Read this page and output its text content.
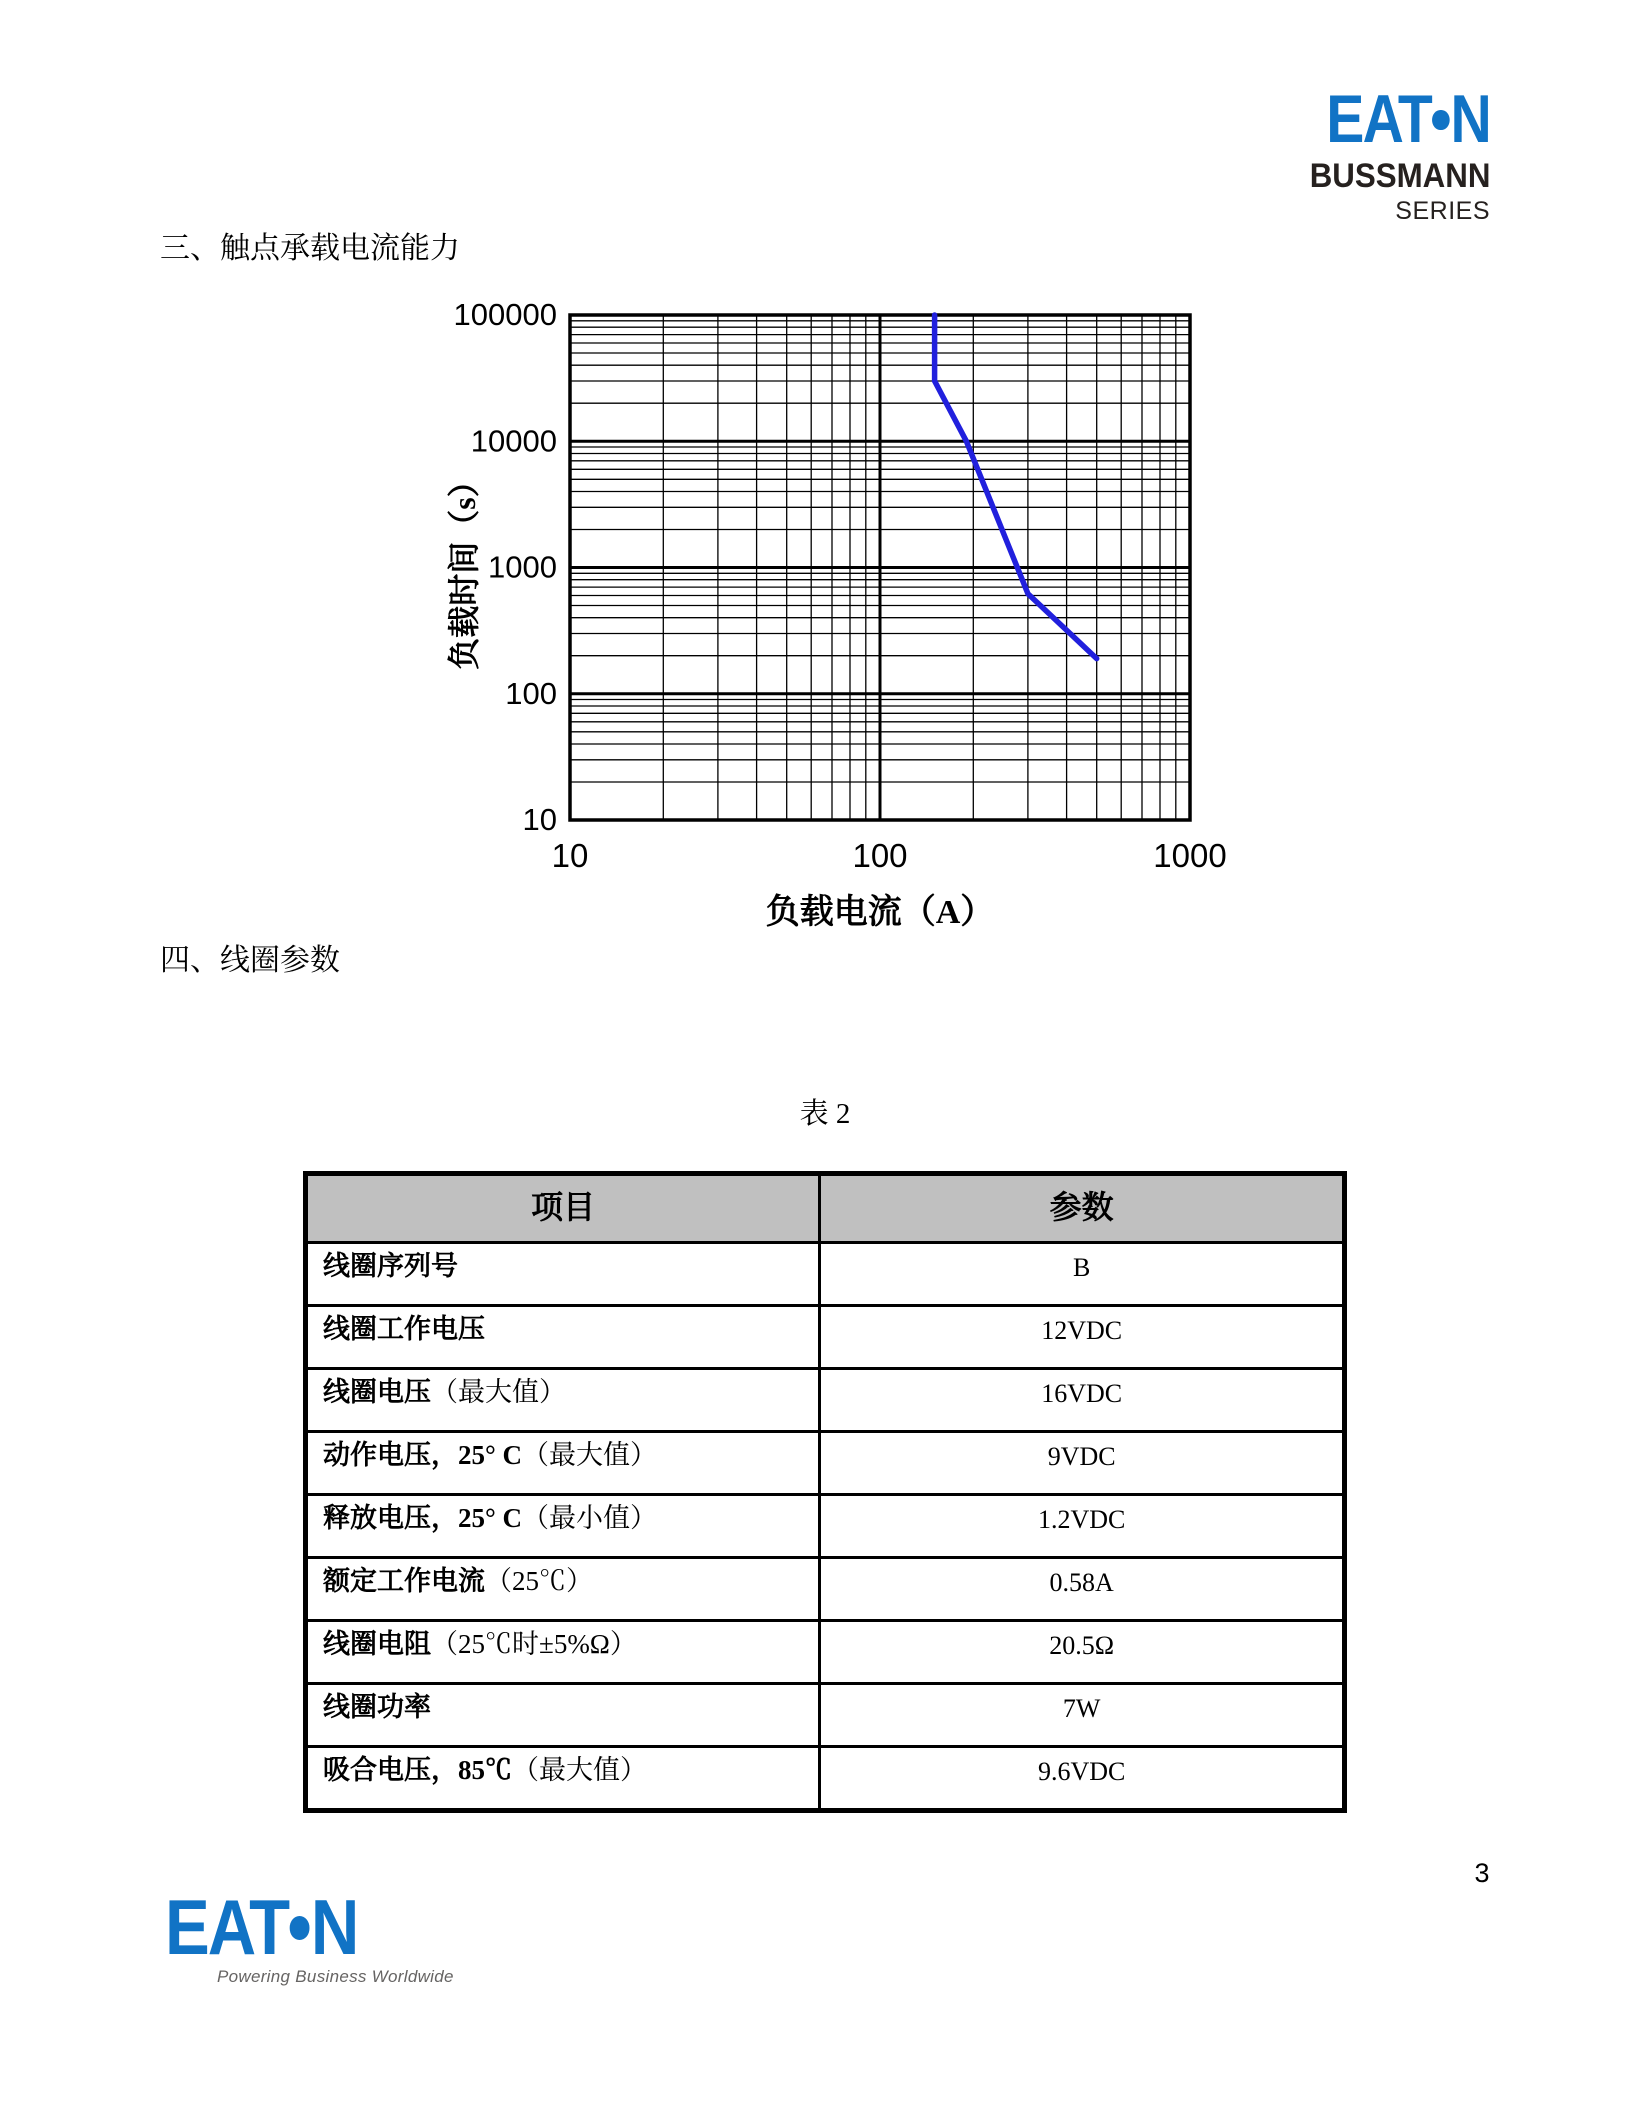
EAT N
BUSSMANN
SERIES
三、触点承载电流能力
10
100
1000
10000
100000
10	100	1000
负载时间（s）
负载电流（A）
四、线圈参数
表 2
项目	参数
线圈序列号	B
线圈工作电压	12VDC
线圈电压（最大值）	16VDC
动作电压，25° C（最大值）	9VDC
释放电压，25° C（最小值）	1.2VDC
额定工作电流（25℃）	0.58A
线圈电阻（25℃时±5%Ω）	20.5Ω
线圈功率	7W
吸合电压，85℃（最大值）	9.6VDC
EAT N
Powering Business Worldwide
3
